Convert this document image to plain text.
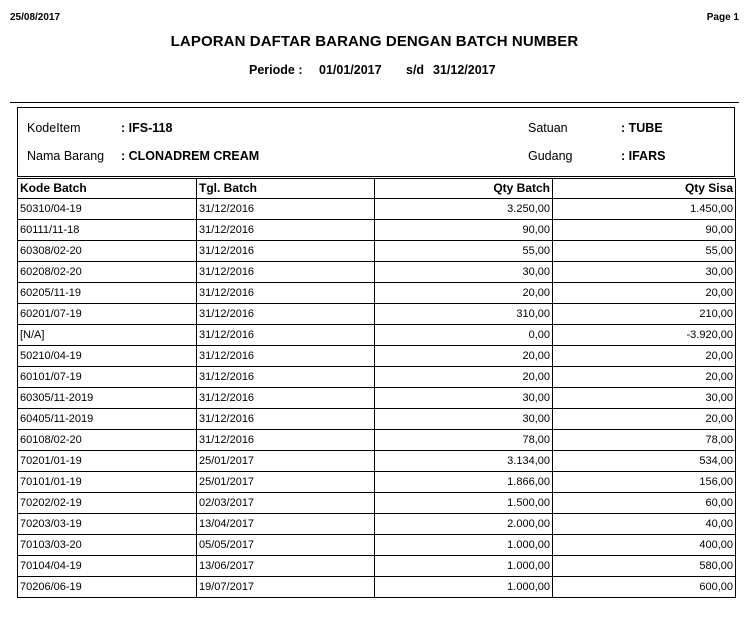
25/08/2017	Page 1
LAPORAN DAFTAR BARANG DENGAN BATCH NUMBER
Periode : 01/01/2017 s/d 31/12/2017
KodeItem	: IFS-118
Nama Barang : CLONADREM CREAM
Satuan	: TUBE
Gudang	: IFARS
Kode Batch	Tgl. Batch	Qty Batch	Qty Sisa
50310/04-19	31/12/2016	3.250,00	1.450,00
60111/11-18	31/12/2016	90,00	90,00
60308/02-20	31/12/2016	55,00	55,00
60208/02-20	31/12/2016	30,00	30,00
60205/11-19	31/12/2016	20,00	20,00
60201/07-19	31/12/2016	310,00	210,00
[N/A]	31/12/2016	0,00	-3.920,00
50210/04-19	31/12/2016	20,00	20,00
60101/07-19	31/12/2016	20,00	20,00
60305/11-2019	31/12/2016	30,00	30,00
60405/11-2019	31/12/2016	30,00	20,00
60108/02-20	31/12/2016	78,00	78,00
70201/01-19	25/01/2017	3.134,00	534,00
70101/01-19	25/01/2017	1.866,00	156,00
70202/02-19	02/03/2017	1.500,00	60,00
70203/03-19	13/04/2017	2.000,00	40,00
70103/03-20	05/05/2017	1.000,00	400,00
70104/04-19	13/06/2017	1.000,00	580,00
70206/06-19	19/07/2017	1.000,00	600,00
